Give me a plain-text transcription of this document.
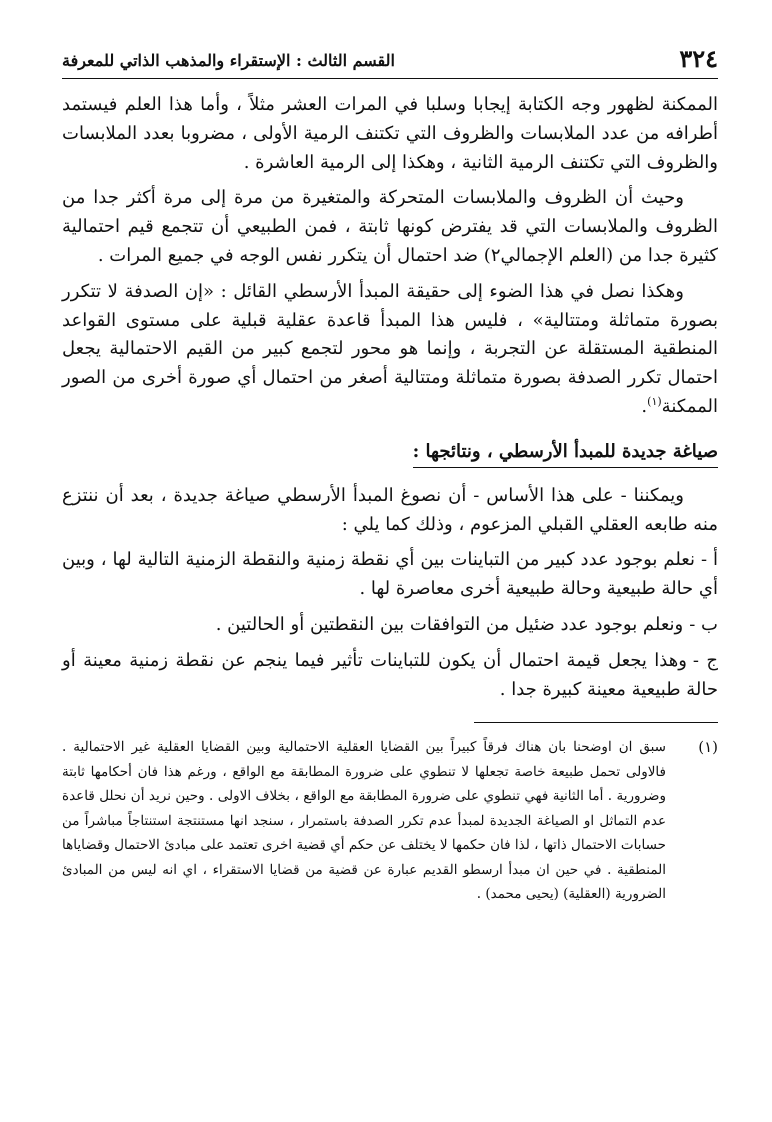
٣٢٤

القسم الثالث : الإستقراء والمذهب الذاتي للمعرفة

الممكنة لظهور وجه الكتابة إيجابا وسلبا في المرات العشر مثلاً ، وأما هذا العلم فيستمد أطرافه من عدد الملابسات والظروف التي تكتنف الرمية الأولى ، مضروبا بعدد الملابسات والظروف التي تكتنف الرمية الثانية ، وهكذا إلى الرمية العاشرة .

وحيث أن الظروف والملابسات المتحركة والمتغيرة من مرة إلى مرة أكثر جدا من الظروف والملابسات التي قد يفترض كونها ثابتة ، فمن الطبيعي أن تتجمع قيم احتمالية كثيرة جدا من (العلم الإجمالي٢) ضد احتمال أن يتكرر نفس الوجه في جميع المرات .

وهكذا نصل في هذا الضوء إلى حقيقة المبدأ الأرسطي القائل : «إن الصدفة لا تتكرر بصورة متماثلة ومتتالية» ، فليس هذا المبدأ قاعدة عقلية قبلية على مستوى القواعد المنطقية المستقلة عن التجربة ، وإنما هو محور لتجمع كبير من القيم الاحتمالية يجعل احتمال تكرر الصدفة بصورة متماثلة ومتتالية أصغر من احتمال أي صورة أخرى من الصور الممكنة$^{(١)}$.

صياغة جديدة للمبدأ الأرسطي ، ونتائجها :

ويمكننا - على هذا الأساس - أن نصوغ المبدأ الأرسطي صياغة جديدة ، بعد أن ننتزع منه طابعه العقلي القبلي المزعوم ، وذلك كما يلي :

أ -نعلم بوجود عدد كبير من التباينات بين أي نقطة زمنية والنقطة الزمنية التالية لها ، وبين أي حالة طبيعية وحالة طبيعية أخرى معاصرة لها .

ب -ونعلم بوجود عدد ضئيل من التوافقات بين النقطتين أو الحالتين .

ج -وهذا يجعل قيمة احتمال أن يكون للتباينات تأثير فيما ينجم عن نقطة زمنية معينة أو حالة طبيعية معينة كبيرة جدا .

(١)
سبق ان اوضحنا بان هناك فرقاً كبيراً بين القضايا العقلية الاحتمالية وبين القضايا العقلية غير الاحتمالية . فالاولى تحمل طبيعة خاصة تجعلها لا تنطوي على ضرورة المطابقة مع الواقع ، ورغم هذا فان أحكامها ثابتة وضرورية . أما الثانية فهي تنطوي على ضرورة المطابقة مع الواقع ، بخلاف الاولى . وحين نريد أن نحلل قاعدة عدم التماثل او الصياغة الجديدة لمبدأ عدم تكرر الصدفة باستمرار ، سنجد انها مستنتجة استنتاجاً مباشراً من حسابات الاحتمال ذاتها ، لذا فان حكمها لا يختلف عن حكم أي قضية اخرى تعتمد على مبادئ الاحتمال وقضاياها المنطقية . في حين ان مبدأ ارسطو القديم عبارة عن قضية من قضايا الاستقراء ، اي انه ليس من المبادئ الضرورية (العقلية) (يحيى محمد) .
